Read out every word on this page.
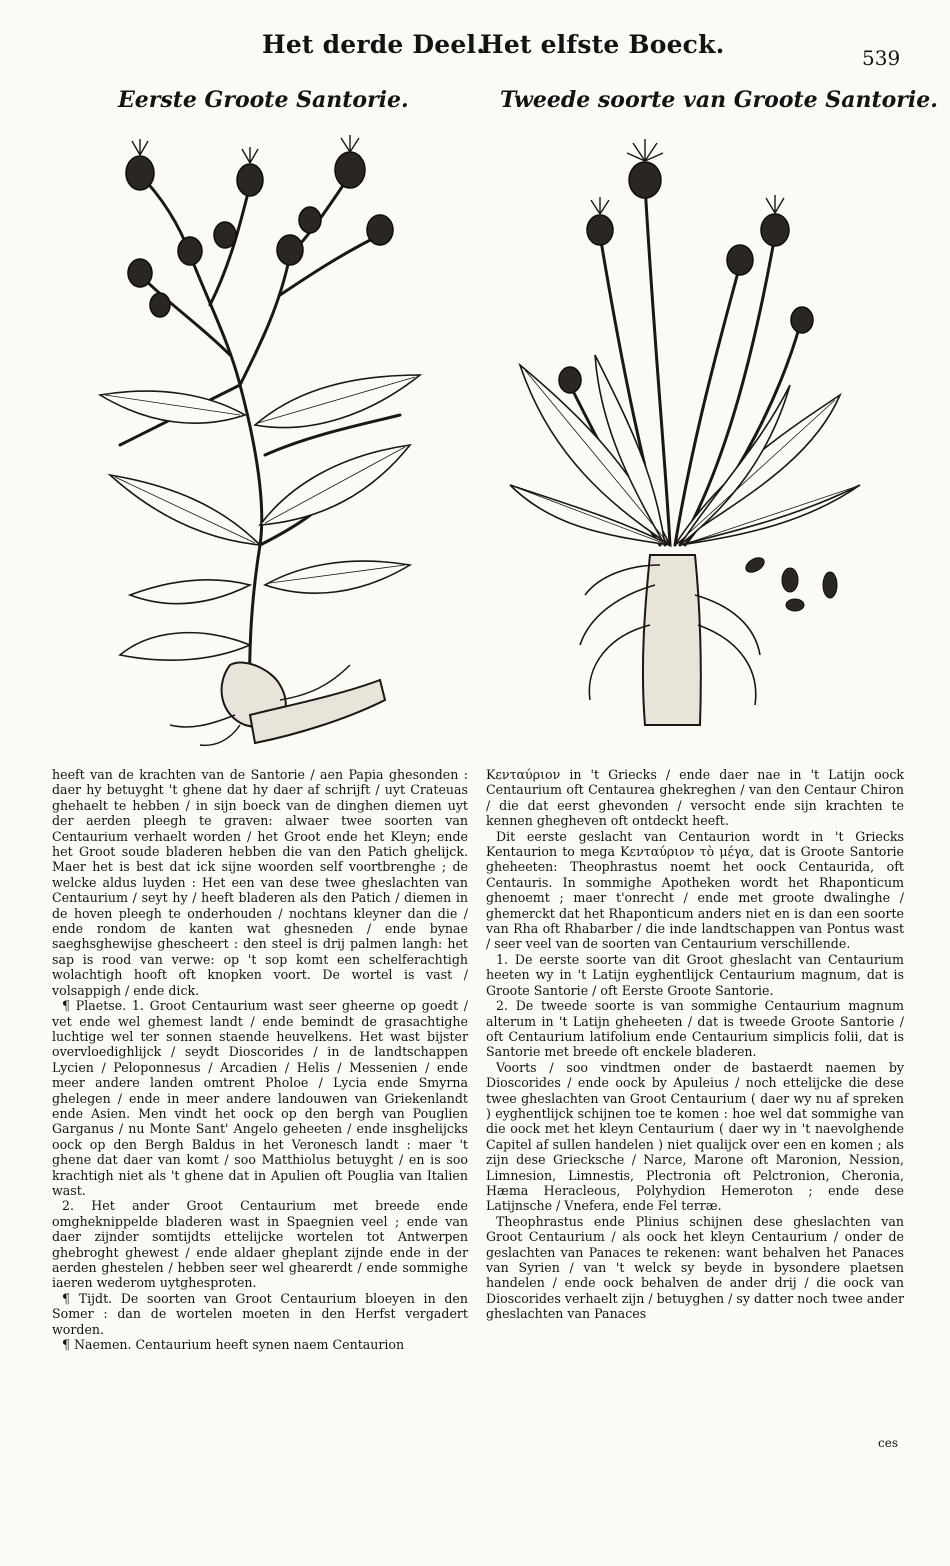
Het derde Deel.
Het elfste Boeck.	539
Eerste Groote Santorie.	Tweede soorte van Groote Santorie.

heeft van de krachten van de Santorie / aen Papia ghesonden : daer hy betuyght 't ghene dat hy daer af schrijft / uyt Crateuas ghehaelt te hebben / in sijn boeck van de dinghen diemen uyt der aerden pleegh te graven: alwaer twee soorten van Centaurium verhaelt worden / het Groot ende het Kleyn; ende het Groot soude bladeren hebben die van den Patich ghelijck. Maer het is best dat ick sijne woorden self voortbrenghe ; de welcke aldus luyden : Het een van dese twee gheslachten van Centaurium / seyt hy / heeft bladeren als den Patich / diemen in de hoven pleegh te onderhouden / nochtans kleyner dan die / ende rondom de kanten wat ghesneden / ende bynae saeghsghewijse ghescheert : den steel is drij palmen langh: het sap is rood van verwe: op 't sop komt een schelferachtigh wolachtigh hooft oft knopken voort. De wortel is vast / volsappigh / ende dick.

¶ Plaetse. 1. Groot Centaurium wast seer gheerne op goedt / vet ende wel ghemest landt / ende bemindt de grasachtighe luchtige wel ter sonnen staende heuvelkens. Het wast bijster overvloedighlijck / seydt Dioscorides / in de landtschappen Lycien / Peloponnesus / Arcadien / Helis / Messenien / ende meer andere landen omtrent Pholoe / Lycia ende Smyrna ghelegen / ende in meer andere landouwen van Griekenlandt ende Asien. Men vindt het oock op den bergh van Pouglien Garganus / nu Monte Sant' Angelo geheeten / ende insghelijcks oock op den Bergh Baldus in het Veronesch landt : maer 't ghene dat daer van komt / soo Matthiolus betuyght / en is soo krachtigh niet als 't ghene dat in Apulien oft Pouglia van Italien wast.

2. Het ander Groot Centaurium met breede ende omgheknippelde bladeren wast in Spaegnien veel ; ende van daer zijnder somtijdts ettelijcke wortelen tot Antwerpen ghebroght ghewest / ende aldaer gheplant zijnde ende in der aerden ghestelen / hebben seer wel ghearerdt / ende sommighe iaeren wederom uytghesproten.

¶ Tijdt. De soorten van Groot Centaurium bloeyen in den Somer : dan de wortelen moeten in den Herfst vergadert worden.

¶ Naemen. Centaurium heeft synen naem Centaurion

Κενταύριον in 't Griecks / ende daer nae in 't Latijn oock Centaurium oft Centaurea ghekreghen / van den Centaur Chiron / die dat eerst ghevonden / versocht ende sijn krachten te kennen ghegheven oft ontdeckt heeft.

Dit eerste geslacht van Centaurion wordt in 't Griecks Kentaurion to mega Κενταύριον τὸ μέγα, dat is Groote Santorie gheheeten: Theophrastus noemt het oock Centaurida, oft Centauris. In sommighe Apotheken wordt het Rhaponticum ghenoemt ; maer t'onrecht / ende met groote dwalinghe / ghemerckt dat het Rhaponticum anders niet en is dan een soorte van Rha oft Rhabarber / die inde landtschappen van Pontus wast / seer veel van de soorten van Centaurium verschillende.

1. De eerste soorte van dit Groot gheslacht van Centaurium heeten wy in 't Latijn eyghentlijck Centaurium magnum, dat is Groote Santorie / oft Eerste Groote Santorie.

2. De tweede soorte is van sommighe Centaurium magnum alterum in 't Latijn gheheeten / dat is tweede Groote Santorie / oft Centaurium latifolium ende Centaurium simplicis folii, dat is Santorie met breede oft enckele bladeren.

Voorts / soo vindtmen onder de bastaerdt naemen by Dioscorides / ende oock by Apuleius / noch ettelijcke die dese twee gheslachten van Groot Centaurium ( daer wy nu af spreken ) eyghentlijck schijnen toe te komen : hoe wel dat sommighe van die oock met het kleyn Centaurium ( daer wy in 't naevolghende Capitel af sullen handelen ) niet qualijck over een en komen ; als zijn dese Griecksche / Narce, Marone oft Maronion, Nession, Limnesion, Limnestis, Plectronia oft Pelctronion, Cheronia, Hæma Heracleous, Polyhydion Hemeroton ; ende dese Latijnsche / Vnefera, ende Fel terræ.

Theophrastus ende Plinius schijnen dese gheslachten van Groot Centaurium / als oock het kleyn Centaurium / onder de geslachten van Panaces te rekenen: want behalven het Panaces van Syrien / van 't welck sy beyde in bysondere plaetsen handelen / ende oock behalven de ander drij / die oock van Dioscorides verhaelt zijn / betuyghen / sy datter noch twee ander gheslachten van Panaces

ces
